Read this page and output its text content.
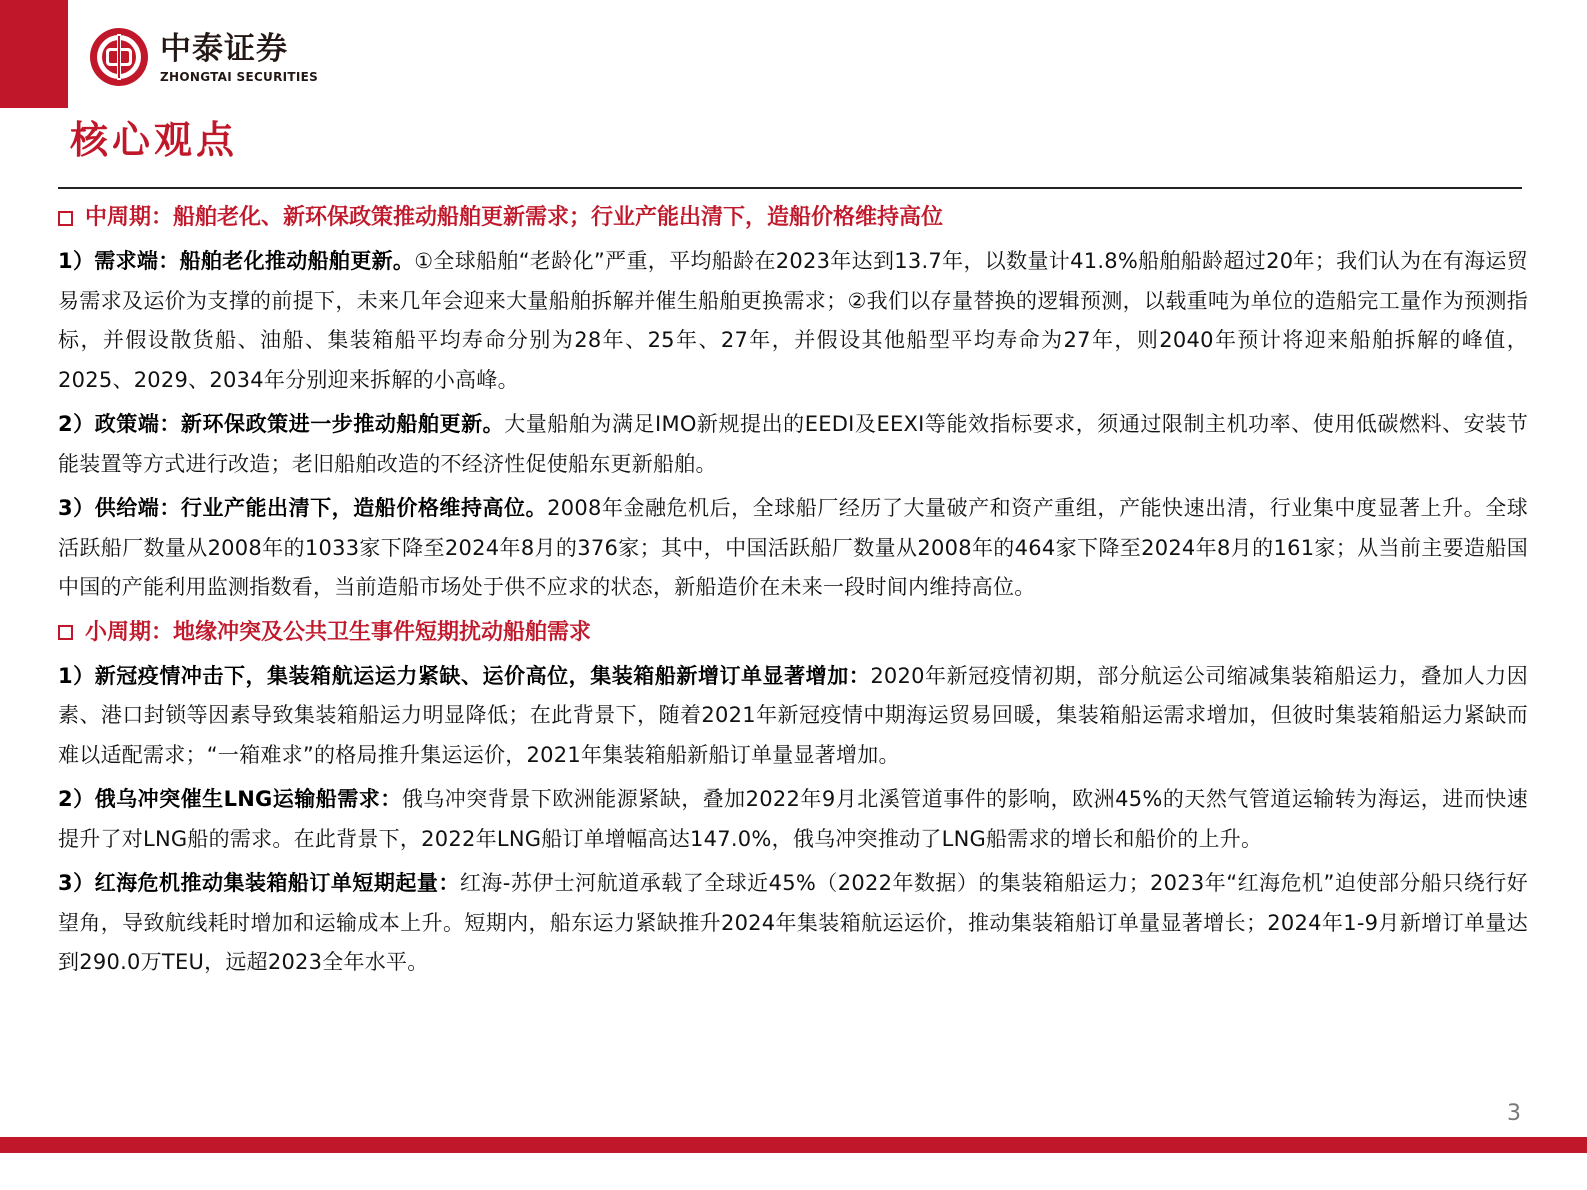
中泰证券
ZHONGTAI SECURITIES
核心观点
中周期：船舶老化、新环保政策推动船舶更新需求；行业产能出清下，造船价格维持高位

1）需求端：船舶老化推动船舶更新。①全球船舶“老龄化”严重，平均船龄在2023年达到13.7年，以数量计41.8%船舶船龄超过20年；我们认为在有海运贸易需求及运价为支撑的前提下，未来几年会迎来大量船舶拆解并催生船舶更换需求；②我们以存量替换的逻辑预测，以载重吨为单位的造船完工量作为预测指标，并假设散货船、油船、集装箱船平均寿命分别为28年、25年、27年，并假设其他船型平均寿命为27年，则2040年预计将迎来船舶拆解的峰值，2025、2029、2034年分别迎来拆解的小高峰。

2）政策端：新环保政策进一步推动船舶更新。大量船舶为满足IMO新规提出的EEDI及EEXI等能效指标要求，须通过限制主机功率、使用低碳燃料、安装节能装置等方式进行改造；老旧船舶改造的不经济性促使船东更新船舶。

3）供给端：行业产能出清下，造船价格维持高位。2008年金融危机后，全球船厂经历了大量破产和资产重组，产能快速出清，行业集中度显著上升。全球活跃船厂数量从2008年的1033家下降至2024年8月的376家；其中，中国活跃船厂数量从2008年的464家下降至2024年8月的161家；从当前主要造船国中国的产能利用监测指数看，当前造船市场处于供不应求的状态，新船造价在未来一段时间内维持高位。

小周期：地缘冲突及公共卫生事件短期扰动船舶需求

1）新冠疫情冲击下，集装箱航运运力紧缺、运价高位，集装箱船新增订单显著增加：2020年新冠疫情初期，部分航运公司缩减集装箱船运力，叠加人力因素、港口封锁等因素导致集装箱船运力明显降低；在此背景下，随着2021年新冠疫情中期海运贸易回暖，集装箱船运需求增加，但彼时集装箱船运力紧缺而难以适配需求；“一箱难求”的格局推升集运运价，2021年集装箱船新船订单量显著增加。

2）俄乌冲突催生LNG运输船需求：俄乌冲突背景下欧洲能源紧缺，叠加2022年9月北溪管道事件的影响，欧洲45%的天然气管道运输转为海运，进而快速提升了对LNG船的需求。在此背景下，2022年LNG船订单增幅高达147.0%，俄乌冲突推动了LNG船需求的增长和船价的上升。

3）红海危机推动集装箱船订单短期起量：红海-苏伊士河航道承载了全球近45%（2022年数据）的集装箱船运力；2023年“红海危机”迫使部分船只绕行好望角，导致航线耗时增加和运输成本上升。短期内，船东运力紧缺推升2024年集装箱航运运价，推动集装箱船订单量显著增长；2024年1-9月新增订单量达到290.0万TEU，远超2023全年水平。

3
